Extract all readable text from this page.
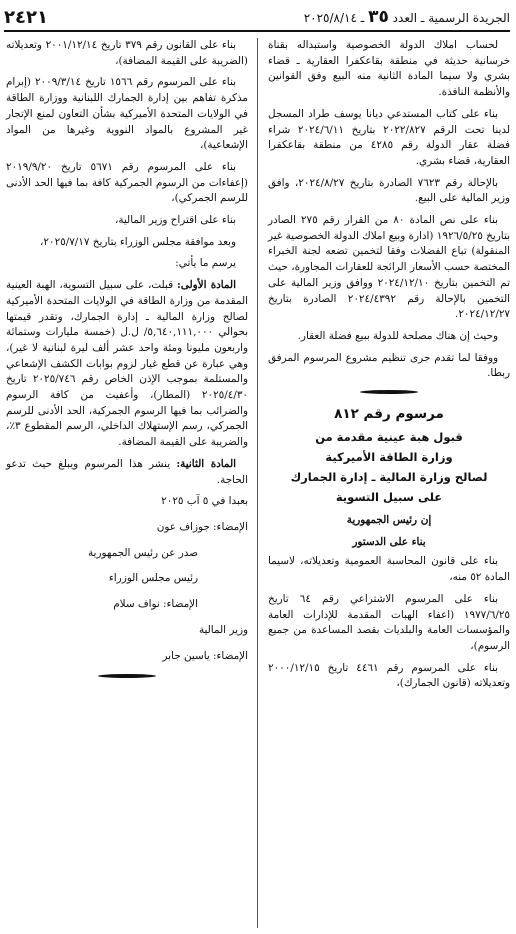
الجريدة الرسمية ـ العدد ٣٥ ـ ٢٠٢٥/٨/١٤
٢٤٢١

لحساب املاك الدولة الخصوصية واستبداله بقناة خرسانية حديثة في منطقة بقاعكفرا العقارية ـ قضاء بشري ولا سيما المادة الثانية منه البيع وفق القوانين والأنظمة النافذة.

بناء على كتاب المستدعي ديانا يوسف طراد المسجل لدينا تحت الرقم ٢٠٢٢/٨٢٧ بتاريخ ٢٠٢٤/٦/١١ شراء فضلة عقار الدولة رقم ٤٢٨٥ من منطقة بقاعكفرا العقارية، قضاء بشري.

بالإحالة رقم ٧٦٢٣ الصادرة بتاريخ ٢٠٢٤/٨/٢٧، وافق وزير المالية على البيع.

بناء على نص المادة ٨٠ من القرار رقم ٢٧٥ الصادر بتاريخ ١٩٢٦/٥/٢٥ (ادارة وبيع املاك الدولة الخصوصية غير المنقولة) تباع الفضلات وفقا لتخمين تضعه لجنة الخبراء المختصة حسب الأسعار الرائجة للعقارات المجاورة، حيث تم التخمين بتاريخ ٢٠٢٤/١٢/١٠ ووافق وزير المالية على التخمين بالإحالة رقم ٢٠٢٤/٤٣٩٢ الصادرة بتاريخ ٢٠٢٤/١٢/٢٧.

وحيث إن هناك مصلحة للدولة ببيع فضلة العقار.

ووفقا لما تقدم جرى تنظيم مشروع المرسوم المرفق ربطا.

مرسوم رقم ٨١٢
قبول هبة عينية مقدمة من
وزارة الطاقة الأميركية
لصالح وزارة المالية ـ إدارة الجمارك
على سبيل التسوية
إن رئيس الجمهورية
بناء على الدستور

بناء على قانون المحاسبة العمومية وتعديلاته، لاسيما المادة ٥٢ منه،

بناء على المرسوم الاشتراعي رقم ٦٤ تاريخ ١٩٧٧/٦/٢٥ (اعفاء الهبات المقدمة للإدارات العامة والمؤسسات العامة والبلديات بقصد المساعدة من جميع الرسوم)،

بناء على المرسوم رقم ٤٤٦١ تاريخ ٢٠٠٠/١٢/١٥ وتعديلاته (قانون الجمارك)،

بناء على القانون رقم ٣٧٩ تاريخ ٢٠٠١/١٢/١٤ وتعديلاته (الضريبة على القيمة المضافة)،

بناء على المرسوم رقم ١٥٦٦ تاريخ ٢٠٠٩/٣/١٤ (إبرام مذكرة تفاهم بين إدارة الجمارك اللبنانية ووزارة الطاقة في الولايات المتحدة الأميركية بشأن التعاون لمنع الإتجار غير المشروع بالمواد النووية وغيرها من المواد الإشعاعية)،

بناء على المرسوم رقم ٥٦٧١ تاريخ ٢٠١٩/٩/٢٠ (إعفاءات من الرسوم الجمركية كافة بما فيها الحد الأدنى للرسم الجمركي)،

بناء على اقتراح وزير المالية،

وبعد موافقة مجلس الوزراء بتاريخ ٢٠٢٥/٧/١٧،

يرسم ما يأتي:

المادة الأولى: قبلت، على سبيل التسوية، الهبة العينية المقدمة من وزارة الطاقة في الولايات المتحدة الأميركية لصالح وزارة المالية ـ إدارة الجمارك، وتقدر قيمتها بحوالي ٥,٦٤٠,١١١,٠٠٠/ ل.ل (خمسة مليارات وستمائة واربعون مليونا ومئة واحد عشر ألف ليرة لبنانية لا غير)، وهي عبارة عن قطع غيار لزوم بوابات الكشف الإشعاعي والمستلمة بموجب الإذن الخاص رقم ٢٠٢٥/٧٤٦ تاريخ ٢٠٢٥/٤/٣٠ (المطار)، وأعفيت من كافة الرسوم والضرائب بما فيها الرسوم الجمركية، الحد الأدنى للرسم الجمركي، رسم الإستهلاك الداخلي، الرسم المقطوع ٣٪، والضريبة على القيمة المضافة.

المادة الثانية: ينشر هذا المرسوم ويبلغ حيث تدعو الحاجة.

بعبدا في ٥ آب ٢٠٢٥

الإمضاء: جوزاف عون

صدر عن رئيس الجمهورية

رئيس مجلس الوزراء

الإمضاء: نواف سلام

وزير المالية

الإمضاء: ياسين جابر
